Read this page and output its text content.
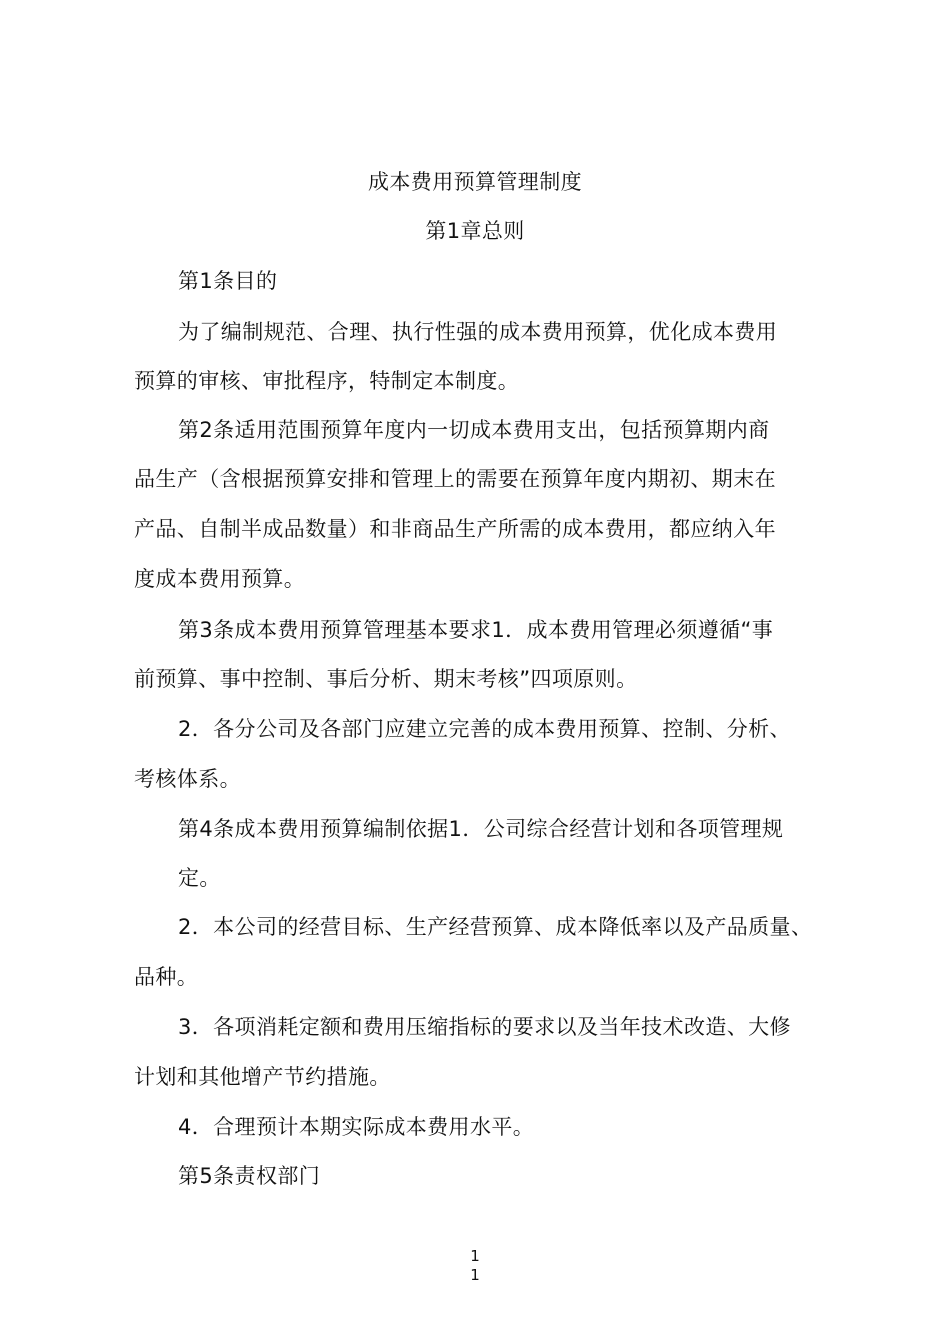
成本费用预算管理制度
第1章总则
第1条目的
为了编制规范、合理、执行性强的成本费用预算，优化成本费用
预算的审核、审批程序，特制定本制度。
第2条适用范围预算年度内一切成本费用支出，包括预算期内商
品生产（含根据预算安排和管理上的需要在预算年度内期初、期末在
产品、自制半成品数量）和非商品生产所需的成本费用，都应纳入年
度成本费用预算。
第3条成本费用预算管理基本要求1．成本费用管理必须遵循“事
前预算、事中控制、事后分析、期末考核”四项原则。
2．各分公司及各部门应建立完善的成本费用预算、控制、分析、
考核体系。
第4条成本费用预算编制依据1．公司综合经营计划和各项管理规
定。
2．本公司的经营目标、生产经营预算、成本降低率以及产品质量、
品种。
3．各项消耗定额和费用压缩指标的要求以及当年技术改造、大修
计划和其他增产节约措施。
4．合理预计本期实际成本费用水平。
第5条责权部门
1
1
